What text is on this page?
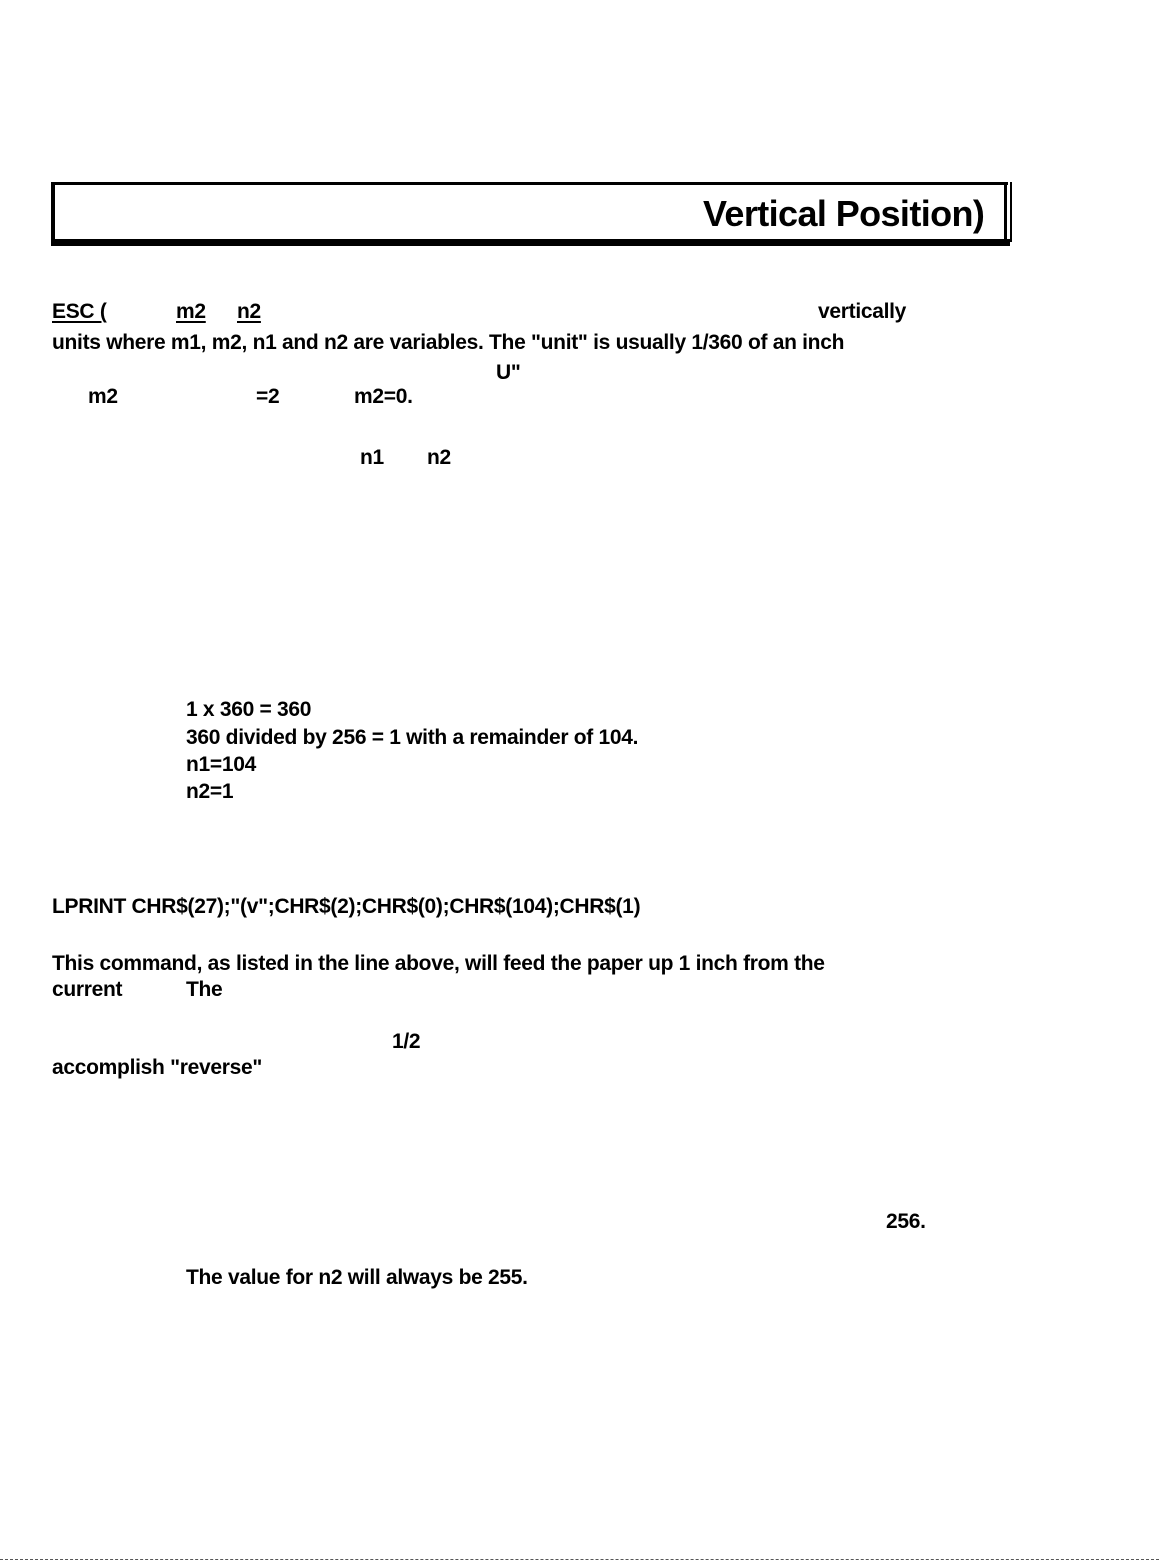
Vertical Position)
ESC (	m2 n2	vertically
units where m1, m2, n1 and n2 are variables. The "unit" is usually 1/360 of an inch
U"
m2	=2	m2=0.
n1 n2
1 x 360 = 360
360 divided by 256 = 1 with a remainder of 104.
n1=104
n2=1
LPRINT CHR$(27);"(v";CHR$(2);CHR$(0);CHR$(104);CHR$(1)
This command, as listed in the line above, will feed the paper up 1 inch from the
current	The
1/2
accomplish "reverse"
256.
The value for n2 will always be 255.
